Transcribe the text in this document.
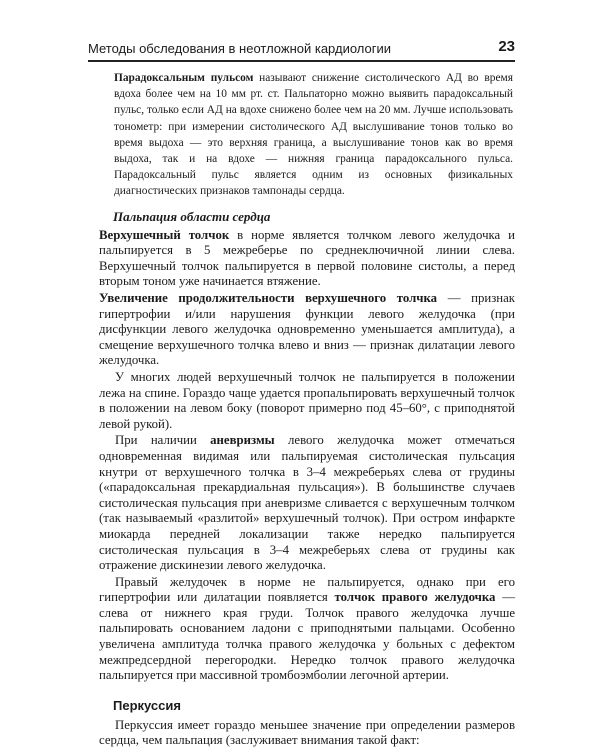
Методы обследования в неотложной кардиологии	23

Парадоксальным пульсом называют снижение систолического АД во время вдоха более чем на 10 мм рт. ст. Пальпаторно можно выявить парадоксальный пульс, только если АД на вдохе снижено более чем на 20 мм. Лучше использовать тонометр: при измерении систолического АД выслушивание тонов только во время выдоха — это верхняя граница, а выслушивание тонов как во время выдоха, так и на вдохе — нижняя граница парадоксального пульса. Парадоксальный пульс является одним из основных физикальных диагностических признаков тампонады сердца.

Пальпация области сердца

Верхушечный толчок в норме является толчком левого желудочка и пальпируется в 5 межреберье по среднеключичной линии слева. Верхушечный толчок пальпируется в первой половине систолы, а перед вторым тоном уже начинается втяжение.

Увеличение продолжительности верхушечного толчка — признак гипертрофии и/или нарушения функции левого желудочка (при дисфункции левого желудочка одновременно уменьшается амплитуда), а смещение верхушечного толчка влево и вниз — признак дилатации левого желудочка.

У многих людей верхушечный толчок не пальпируется в положении лежа на спине. Гораздо чаще удается пропальпировать верхушечный толчок в положении на левом боку (поворот примерно под 45–60°, с приподнятой левой рукой).

При наличии аневризмы левого желудочка может отмечаться одновременная видимая или пальпируемая систолическая пульсация кнутри от верхушечного толчка в 3–4 межреберьях слева от грудины («парадоксальная прекардиальная пульсация»). В большинстве случаев систолическая пульсация при аневризме сливается с верхушечным толчком (так называемый «разлитой» верхушечный толчок). При остром инфаркте миокарда передней локализации также нередко пальпируется систолическая пульсация в 3–4 межреберьях слева от грудины как отражение дискинезии левого желудочка.

Правый желудочек в норме не пальпируется, однако при его гипертрофии или дилатации появляется толчок правого желудочка — слева от нижнего края груди. Толчок правого желудочка лучше пальпировать основанием ладони с приподнятыми пальцами. Особенно увеличена амплитуда толчка правого желудочка у больных с дефектом межпредсердной перегородки. Нередко толчок правого желудочка пальпируется при массивной тромбоэмболии легочной артерии.

Перкуссия

Перкуссия имеет гораздо меньшее значение при определении размеров сердца, чем пальпация (заслуживает внимания такой факт:
